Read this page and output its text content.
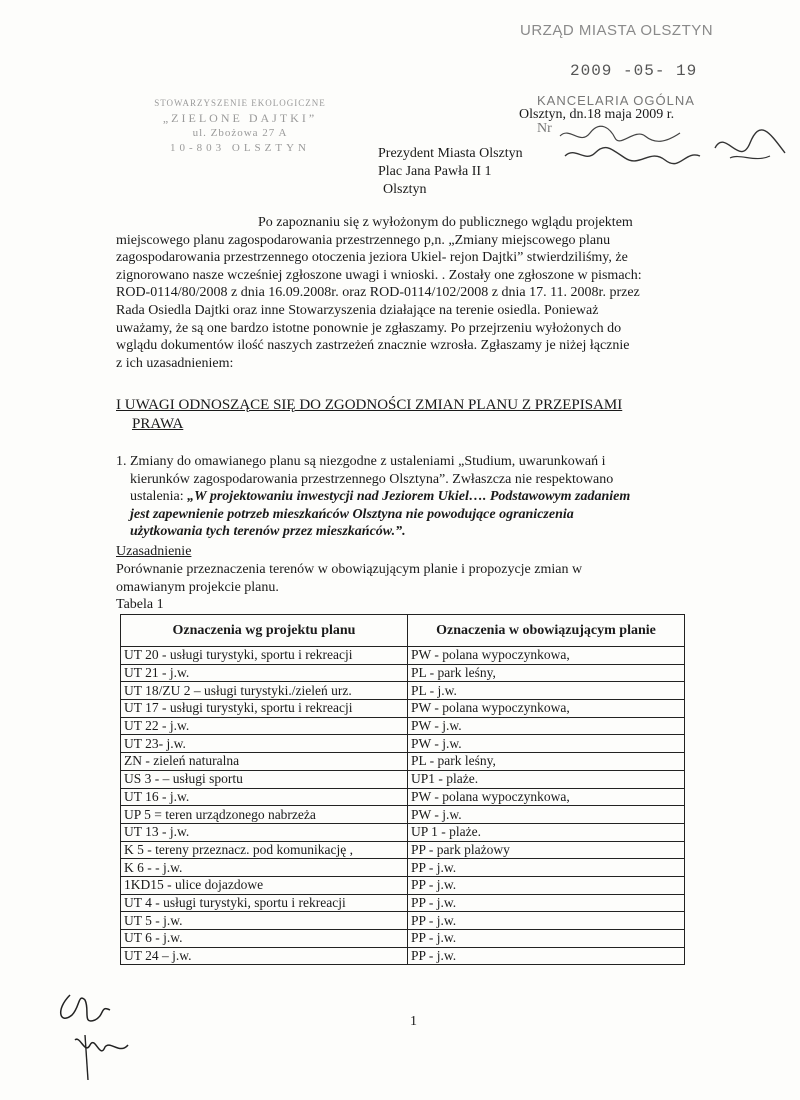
URZĄD MIASTA OLSZTYN
2009 -05- 19
KANCELARIA OGÓLNA
Olsztyn, dn.18 maja 2009 r.
Nr
STOWARZYSZENIE EKOLOGICZNE
„ZIELONE DAJTKI”
ul. Zbożowa 27 A
10-803 OLSZTYN	Prezydent Miasta Olsztyn
Plac Jana Pawła II 1
Olsztyn
Po zapoznaniu się z wyłożonym do publicznego wglądu projektem
miejscowego planu zagospodarowania przestrzennego p,n. „Zmiany miejscowego planu
zagospodarowania przestrzennego otoczenia jeziora Ukiel- rejon Dajtki” stwierdziliśmy, że
zignorowano nasze wcześniej zgłoszone uwagi i wnioski. . Zostały one zgłoszone w pismach:
ROD-0114/80/2008 z dnia 16.09.2008r. oraz ROD-0114/102/2008 z dnia 17. 11. 2008r. przez
Rada Osiedla Dajtki oraz inne Stowarzyszenia działające na terenie osiedla. Ponieważ
uważamy, że są one bardzo istotne ponownie je zgłaszamy. Po przejrzeniu wyłożonych do
wglądu dokumentów ilość naszych zastrzeżeń znacznie wzrosła. Zgłaszamy je niżej łącznie
z ich uzasadnieniem:
I UWAGI ODNOSZĄCE SIĘ DO ZGODNOŚCI ZMIAN PLANU Z PRZEPISAMI
PRAWA
1. Zmiany do omawianego planu są niezgodne z ustaleniami „Studium, uwarunkowań i
kierunków zagospodarowania przestrzennego Olsztyna”. Zwłaszcza nie respektowano
ustalenia: „W projektowaniu inwestycji nad Jeziorem Ukiel…. Podstawowym zadaniem
jest zapewnienie potrzeb mieszkańców Olsztyna nie powodujące ograniczenia
użytkowania tych terenów przez mieszkańców.”.
Uzasadnienie
Porównanie przeznaczenia terenów w obowiązującym planie i propozycje zmian w
omawianym projekcie planu.
Tabela 1
Oznaczenia wg projektu planu	Oznaczenia w obowiązującym planie
UT 20 - usługi turystyki, sportu i rekreacji	PW - polana wypoczynkowa,
UT 21 - j.w.	PL - park leśny,
UT 18/ZU 2 – usługi turystyki./zieleń urz.	PL - j.w.
UT 17 - usługi turystyki, sportu i rekreacji	PW - polana wypoczynkowa,
UT 22 - j.w.	PW - j.w.
UT 23- j.w.	PW - j.w.
ZN - zieleń naturalna	PL - park leśny,
US 3 - – usługi sportu	UP1 - plaże.
UT 16 - j.w.	PW - polana wypoczynkowa,
UP 5 = teren urządzonego nabrzeża	PW - j.w.
UT 13 - j.w.	UP 1 - plaże.
K 5 - tereny przeznacz. pod komunikację ,	PP - park plażowy
K 6 - - j.w.	PP - j.w.
1KD15 - ulice dojazdowe	PP - j.w.
UT 4 - usługi turystyki, sportu i rekreacji	PP - j.w.
UT 5 - j.w.	PP - j.w.
UT 6 - j.w.	PP - j.w.
UT 24 – j.w.	PP - j.w.
1
